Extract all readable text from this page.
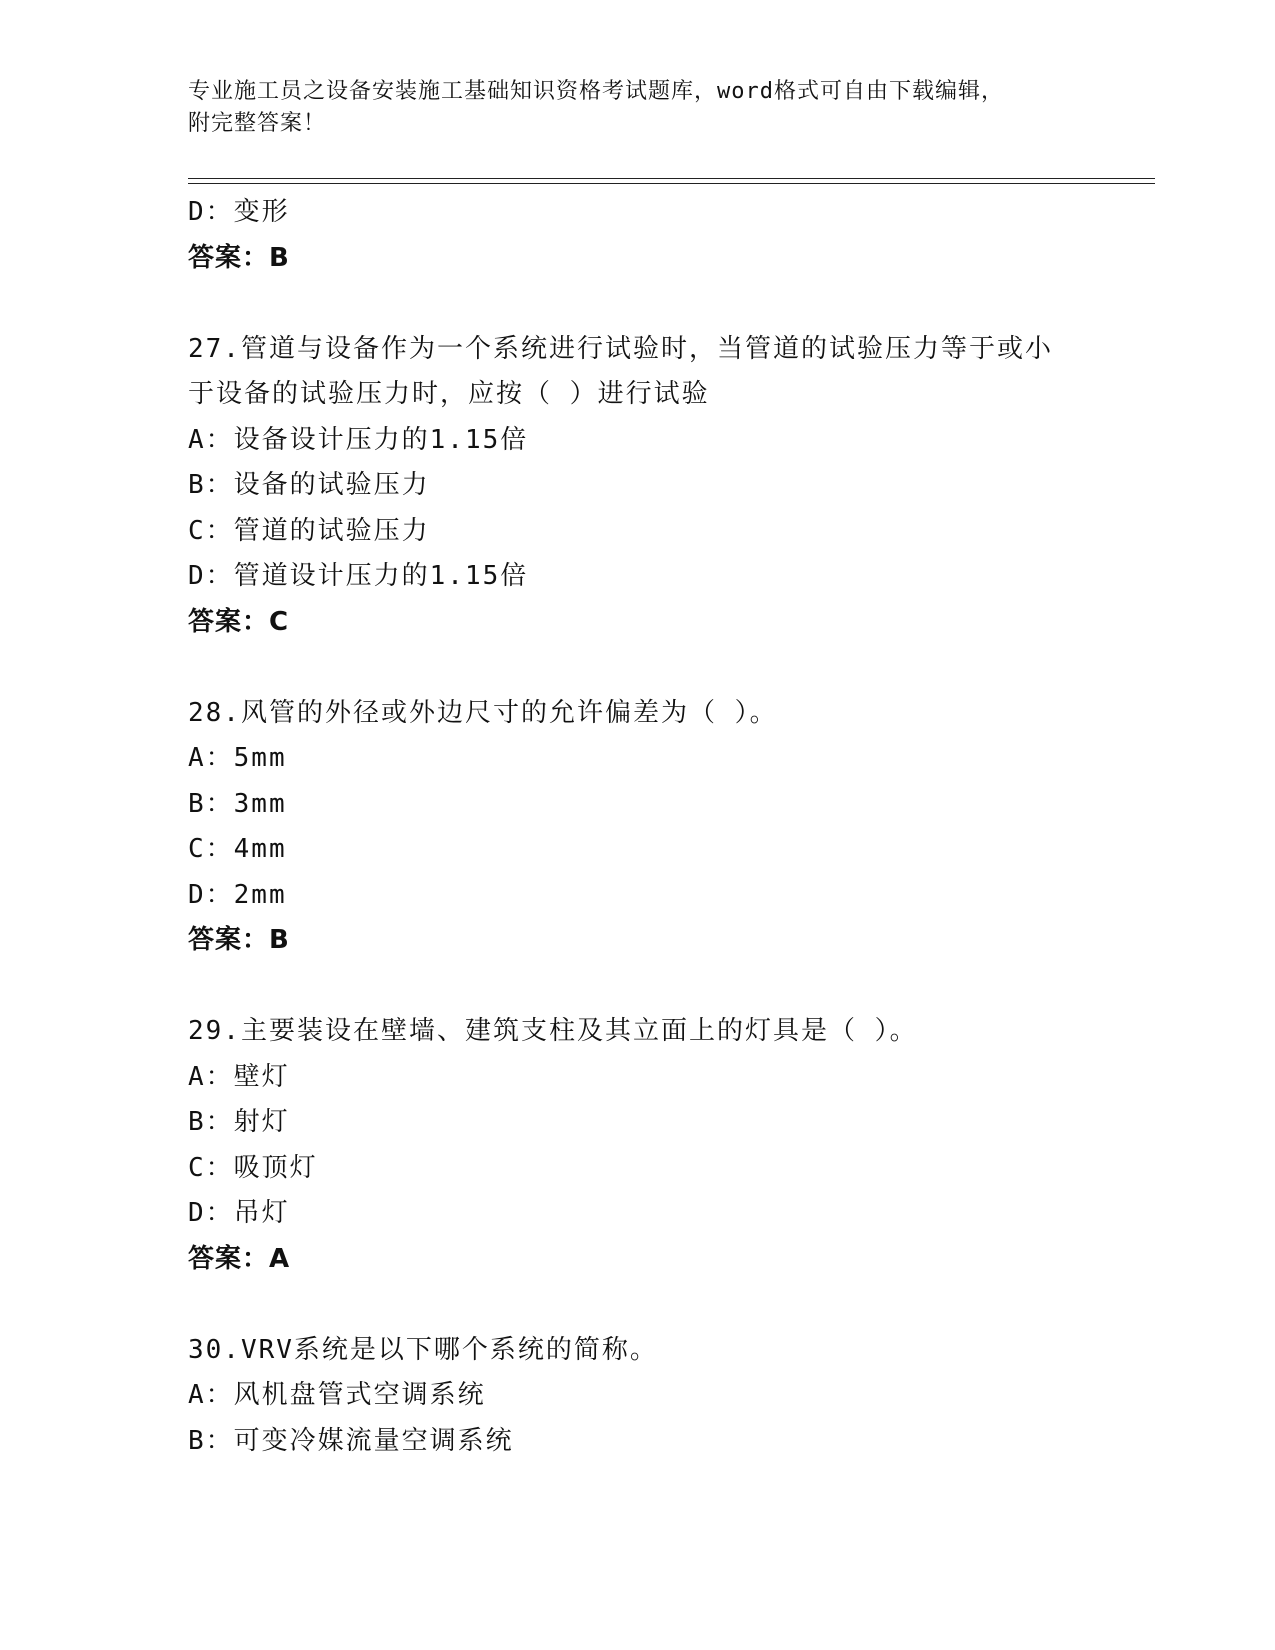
专业施工员之设备安装施工基础知识资格考试题库，word格式可自由下载编辑，
附完整答案！
D：变形
答案：B
27.管道与设备作为一个系统进行试验时，当管道的试验压力等于或小
于设备的试验压力时，应按（ ）进行试验
A：设备设计压力的1.15倍
B：设备的试验压力
C：管道的试验压力
D：管道设计压力的1.15倍
答案：C
28.风管的外径或外边尺寸的允许偏差为（ ）。
A：5mm
B：3mm
C：4mm
D：2mm
答案：B
29.主要装设在壁墙、建筑支柱及其立面上的灯具是（ ）。
A：壁灯
B：射灯
C：吸顶灯
D：吊灯
答案：A
30.VRV系统是以下哪个系统的简称。
A：风机盘管式空调系统
B：可变冷媒流量空调系统
